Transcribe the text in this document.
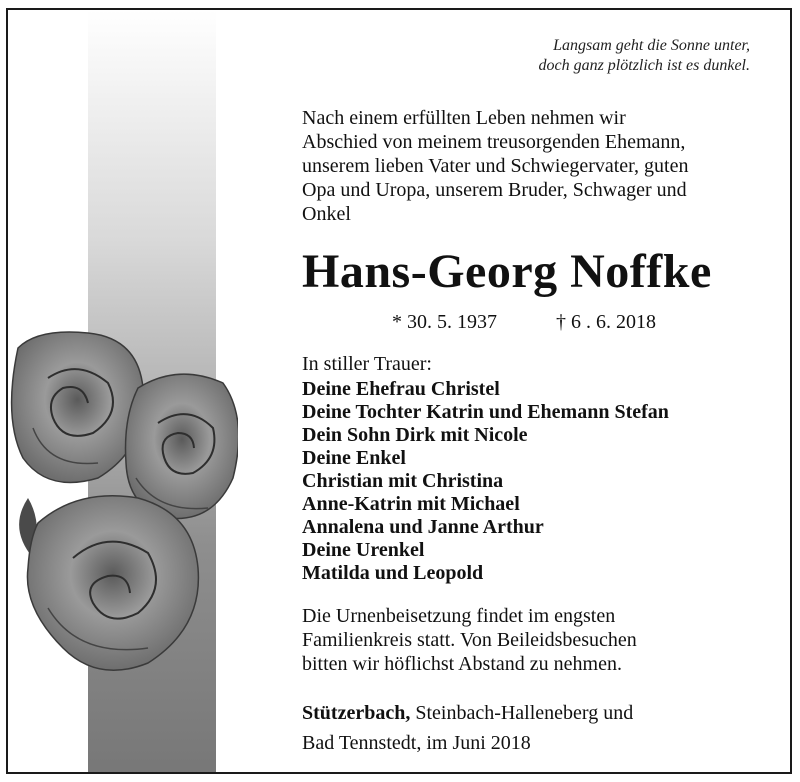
Langsam geht die Sonne unter,
doch ganz plötzlich ist es dunkel.
Nach einem erfüllten Leben nehmen wir
Abschied von meinem treusorgenden Ehemann,
unserem lieben Vater und Schwiegervater, guten
Opa und Uropa, unserem Bruder, Schwager und
Onkel
Hans-Georg Noffke
* 30. 5. 1937	† 6 . 6. 2018
In stiller Trauer:
Deine Ehefrau Christel
Deine Tochter Katrin und Ehemann Stefan
Dein Sohn Dirk mit Nicole
Deine Enkel
Christian mit Christina
Anne-Katrin mit Michael
Annalena und Janne Arthur
Deine Urenkel
Matilda und Leopold
Die Urnenbeisetzung findet im engsten
Familienkreis statt. Von Beileidsbesuchen
bitten wir höflichst Abstand zu nehmen.
Stützerbach, Steinbach-Halleneberg und
Bad Tennstedt, im Juni 2018
